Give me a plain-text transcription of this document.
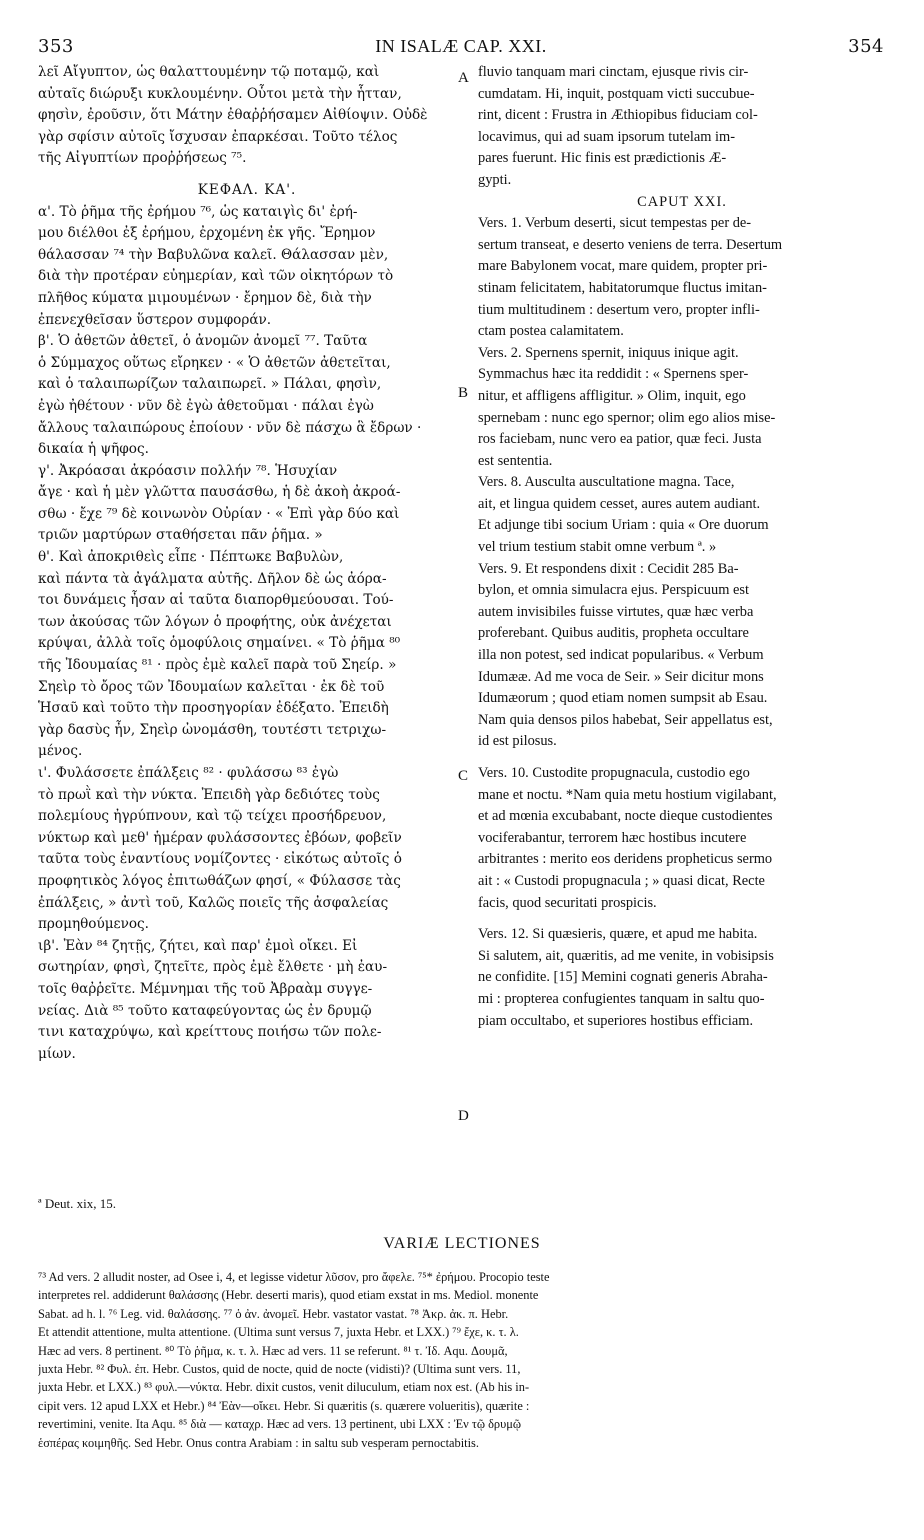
353	IN ISALÆ CAP. XXI.	354
λεῖ Αἴγυπτον, ὡς θαλαττουμένην τῷ ποταμῷ, καὶ
αὐταῖς διώρυξι κυκλουμένην. Οὗτοι μετὰ τὴν ἧτταν,
φησὶν, ἐροῦσιν, ὅτι Μάτην ἐθαῤῥήσαμεν Αἰθίοψιν. Οὐδὲ
γὰρ σφίσιν αὐτοῖς ἴσχυσαν ἐπαρκέσαι. Τοῦτο τέλος
τῆς Αἰγυπτίων προῤῥήσεως ⁷⁵.
ΚΕΦΑΛ. ΚΑ'.
α'. Τὸ ῥῆμα τῆς ἐρήμου ⁷⁶, ὡς καταιγὶς δι' ἐρή-
μου διέλθοι ἐξ ἐρήμου, ἐρχομένη ἐκ γῆς. Ἔρημον
θάλασσαν ⁷⁴ τὴν Βαβυλῶνα καλεῖ. Θάλασσαν μὲν,
διὰ τὴν προτέραν εὐημερίαν, καὶ τῶν οἰκητόρων τὸ
πλῆθος κύματα μιμουμένων · ἔρημον δὲ, διὰ τὴν
ἐπενεχθεῖσαν ὕστερον συμφοράν.
β'. Ὁ ἀθετῶν ἀθετεῖ, ὁ ἀνομῶν ἀνομεῖ ⁷⁷. Ταῦτα
ὁ Σύμμαχος οὕτως εἴρηκεν · « Ὁ ἀθετῶν ἀθετεῖται,
καὶ ὁ ταλαιπωρίζων ταλαιπωρεῖ. » Πάλαι, φησὶν,
ἐγὼ ἠθέτουν · νῦν δὲ ἐγὼ ἀθετοῦμαι · πάλαι ἐγὼ
ἄλλους ταλαιπώρους ἐποίουν · νῦν δὲ πάσχω ἃ ἔδρων ·
δικαία ἡ ψῆφος.
γ'. Ἀκρόασαι ἀκρόασιν πολλήν ⁷⁸. Ἡσυχίαν
ἄγε · καὶ ἡ μὲν γλῶττα παυσάσθω, ἡ δὲ ἀκοὴ ἀκροά-
σθω · ἔχε ⁷⁹ δὲ κοινωνὸν Οὐρίαν · « Ἐπὶ γὰρ δύο καὶ
τριῶν μαρτύρων σταθήσεται πᾶν ῥῆμα. »
θ'. Καὶ ἀποκριθεὶς εἶπε · Πέπτωκε Βαβυλὼν,
καὶ πάντα τὰ ἀγάλματα αὐτῆς. Δῆλον δὲ ὡς ἀόρα-
τοι δυνάμεις ἦσαν αἱ ταῦτα διαπορθμεύουσαι. Τού-
των ἀκούσας τῶν λόγων ὁ προφήτης, οὐκ ἀνέχεται
κρύψαι, ἀλλὰ τοῖς ὁμοφύλοις σημαίνει. « Τὸ ῥῆμα ⁸⁰
τῆς Ἰδουμαίας ⁸¹ · πρὸς ἐμὲ καλεῖ παρὰ τοῦ Σηείρ. »
Σηεὶρ τὸ ὄρος τῶν Ἰδουμαίων καλεῖται · ἐκ δὲ τοῦ
Ἡσαῦ καὶ τοῦτο τὴν προσηγορίαν ἐδέξατο. Ἐπειδὴ
γὰρ δασὺς ἦν, Σηεὶρ ὠνομάσθη, τουτέστι τετριχω-
μένος.
ι'. Φυλάσσετε ἐπάλξεις ⁸² · φυλάσσω ⁸³ ἐγὼ
τὸ πρωῒ καὶ τὴν νύκτα. Ἐπειδὴ γὰρ δεδιότες τοὺς
πολεμίους ἠγρύπνουν, καὶ τῷ τείχει προσήδρευον,
νύκτωρ καὶ μεθ' ἡμέραν φυλάσσοντες ἐβόων, φοβεῖν
ταῦτα τοὺς ἐναντίους νομίζοντες · εἰκότως αὐτοῖς ὁ
προφητικὸς λόγος ἐπιτωθάζων φησί, « Φύλασσε τὰς
ἐπάλξεις, » ἀντὶ τοῦ, Καλῶς ποιεῖς τῆς ἀσφαλείας
προμηθούμενος.
ιβ'. Ἐὰν ⁸⁴ ζητῇς, ζήτει, καὶ παρ' ἐμοὶ οἴκει. Εἰ
σωτηρίαν, φησὶ, ζητεῖτε, πρὸς ἐμὲ ἔλθετε · μὴ ἐαυ-
τοῖς θαῤῥεῖτε. Μέμνημαι τῆς τοῦ Ἀβραὰμ συγγε-
νείας. Διὰ ⁸⁵ τοῦτο καταφεύγοντας ὡς ἐν δρυμῷ
τινι καταχρύψω, καὶ κρείττους ποιήσω τῶν πολε-
μίων.
fluvio tanquam mari cinctam, ejusque rivis cir-
cumdatam. Hi, inquit, postquam victi succubue-
rint, dicent : Frustra in Æthiopibus fiduciam col-
locavimus, qui ad suam ipsorum tutelam im-
pares fuerunt. Hic finis est prædictionis Æ-
gypti.
CAPUT XXI.
Vers. 1. Verbum deserti, sicut tempestas per de-
sertum transeat, e deserto veniens de terra. Desertum
mare Babylonem vocat, mare quidem, propter pri-
stinam felicitatem, habitatorumque fluctus imitan-
tium multitudinem : desertum vero, propter infli-
ctam postea calamitatem.
Vers. 2. Spernens spernit, iniquus inique agit.
Symmachus hæc ita reddidit : « Spernens sper-
nitur, et affligens affligitur. » Olim, inquit, ego
spernebam : nunc ego spernor; olim ego alios mise-
ros faciebam, nunc vero ea patior, quæ feci. Justa
est sententia.
Vers. 8. Ausculta auscultatione magna. Tace,
ait, et lingua quidem cesset, aures autem audiant.
Et adjunge tibi socium Uriam : quia « Ore duorum
vel trium testium stabit omne verbum ª. »
Vers. 9. Et respondens dixit : Cecidit 285 Ba-
bylon, et omnia simulacra ejus. Perspicuum est
autem invisibiles fuisse virtutes, quæ hæc verba
proferebant. Quibus auditis, propheta occultare
illa non potest, sed indicat popularibus. « Verbum
Idumææ. Ad me voca de Seir. » Seir dicitur mons
Idumæorum ; quod etiam nomen sumpsit ab Esau.
Nam quia densos pilos habebat, Seir appellatus est,
id est pilosus.
Vers. 10. Custodite propugnacula, custodio ego
mane et noctu. *Nam quia metu hostium vigilabant,
et ad mœnia excubabant, nocte dieque custodientes
vociferabantur, terrorem hæc hostibus incutere
arbitrantes : merito eos deridens propheticus sermo
ait : « Custodi propugnacula ; » quasi dicat, Recte
facis, quod securitati prospicis.
Vers. 12. Si quæsieris, quære, et apud me habita.
Si salutem, ait, quæritis, ad me venite, in vobisipsis
ne confidite. [15] Memini cognati generis Abraha-
mi : propterea confugientes tanquam in saltu quo-
piam occultabo, et superiores hostibus efficiam.
A
B
C
D
ª Deut. xix, 15.
VARIÆ LECTIONES
⁷³ Ad vers. 2 alludit noster, ad Osee i, 4, et legisse videtur λῦσον, pro ἄφελε. ⁷⁵* ἐρήμου. Procopio teste
interpretes rel. addiderunt θαλάσσης (Hebr. deserti maris), quod etiam exstat in ms. Mediol. monente
Sabat. ad h. l. ⁷⁶ Leg. vid. θαλάσσης. ⁷⁷ ὁ ἀν. ἀνομεῖ. Hebr. vastator vastat. ⁷⁸ Ἀκρ. ἀκ. π. Hebr.
Et attendit attentione, multa attentione. (Ultima sunt versus 7, juxta Hebr. et LXX.) ⁷⁹ ἔχε, κ. τ. λ.
Hæc ad vers. 8 pertinent. ⁸⁰ Τὸ ῥῆμα, κ. τ. λ. Hæc ad vers. 11 se referunt. ⁸¹ τ. Ἰδ. Aqu. Δουμᾶ,
juxta Hebr. ⁸² Φυλ. ἐπ. Hebr. Custos, quid de nocte, quid de nocte (vidisti)? (Ultima sunt vers. 11,
juxta Hebr. et LXX.) ⁸³ φυλ.—νύκτα. Hebr. dixit custos, venit diluculum, etiam nox est. (Ab his in-
cipit vers. 12 apud LXX et Hebr.) ⁸⁴ Ἐὰν—οἴκει. Hebr. Si quæritis (s. quærere volueritis), quærite :
revertimini, venite. Ita Aqu. ⁸⁵ διὰ — καταχρ. Hæc ad vers. 13 pertinent, ubi LXX : Ἐν τῷ δρυμῷ
ἑσπέρας κοιμηθῆς. Sed Hebr. Onus contra Arabiam : in saltu sub vesperam pernoctabitis.
